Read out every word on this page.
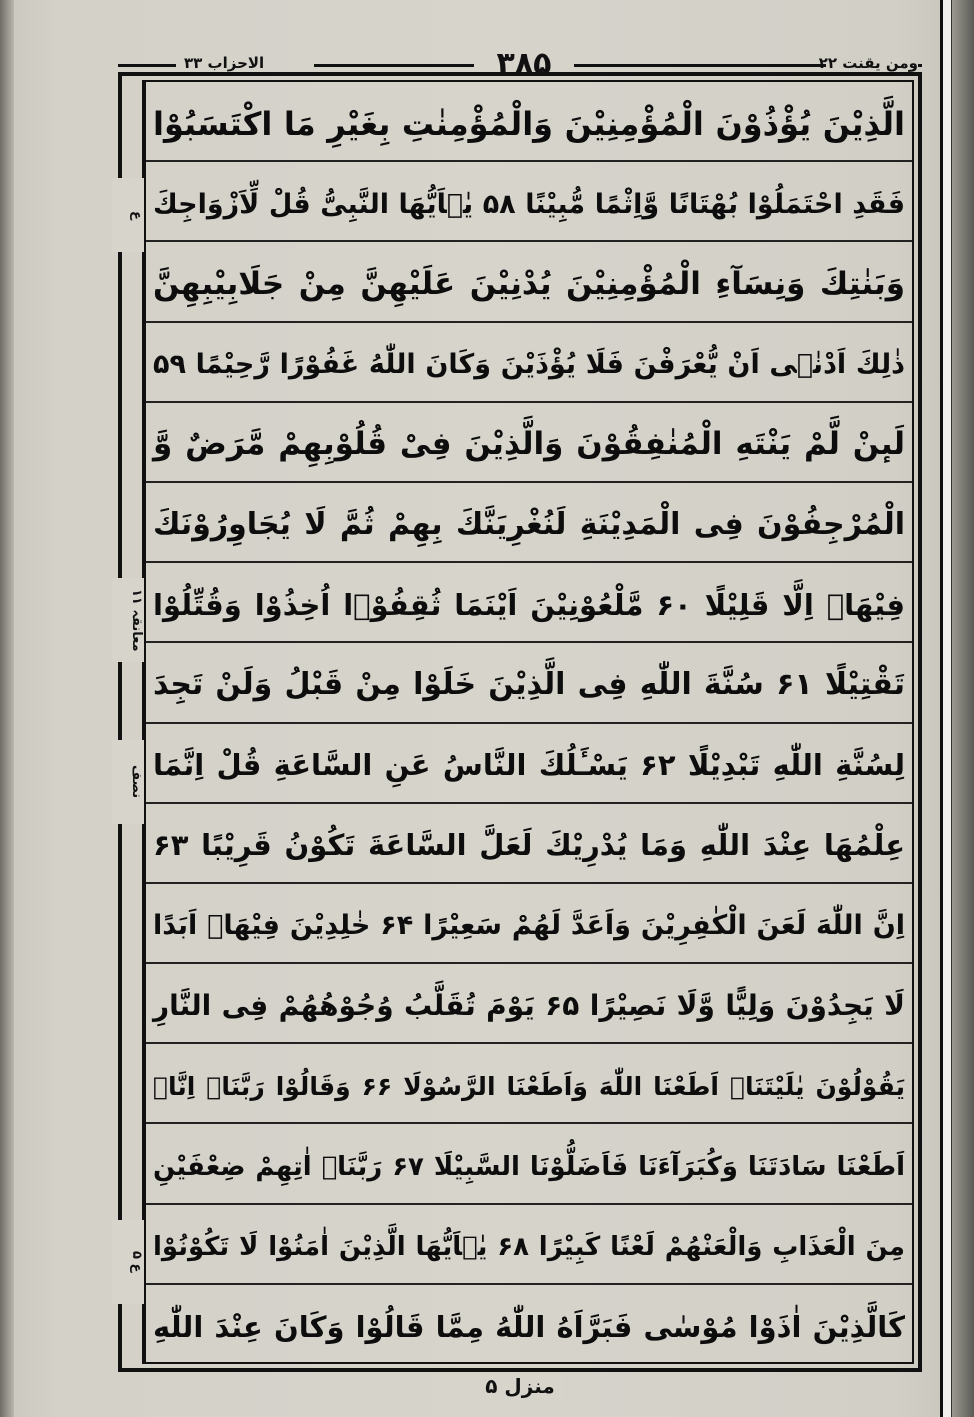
الاحزاب ۳۳	۳۸۵	ومن یقنت ۲۲
ع
معانقہ ۱۱
نصف
ع ۵
الَّذِیْنَ یُؤْذُوْنَ الْمُؤْمِنِیْنَ وَالْمُؤْمِنٰتِ بِغَیْرِ مَا اكْتَسَبُوْا
فَقَدِ احْتَمَلُوْا بُهْتَانًا وَّاِثْمًا مُّبِیْنًا ۵۸ یٰۤاَیُّهَا النَّبِیُّ قُلْ لِّاَزْوَاجِكَ
وَبَنٰتِكَ وَنِسَآءِ الْمُؤْمِنِیْنَ یُدْنِیْنَ عَلَیْهِنَّ مِنْ جَلَابِیْبِهِنَّ
ذٰلِكَ اَدْنٰۤى اَنْ یُّعْرَفْنَ فَلَا یُؤْذَیْنَ وَكَانَ اللّٰهُ غَفُوْرًا رَّحِیْمًا ۵۹
لَىٕنْ لَّمْ یَنْتَهِ الْمُنٰفِقُوْنَ وَالَّذِیْنَ فِیْ قُلُوْبِهِمْ مَّرَضٌ وَّ
الْمُرْجِفُوْنَ فِی الْمَدِیْنَةِ لَنُغْرِیَنَّكَ بِهِمْ ثُمَّ لَا یُجَاوِرُوْنَكَ
فِیْهَاۤ اِلَّا قَلِیْلًا ۶۰ مَّلْعُوْنِیْنَ اَیْنَمَا ثُقِفُوْۤا اُخِذُوْا وَقُتِّلُوْا
تَقْتِیْلًا ۶۱ سُنَّةَ اللّٰهِ فِی الَّذِیْنَ خَلَوْا مِنْ قَبْلُ وَلَنْ تَجِدَ
لِسُنَّةِ اللّٰهِ تَبْدِیْلًا ۶۲ یَسْـَٔلُكَ النَّاسُ عَنِ السَّاعَةِ قُلْ اِنَّمَا
عِلْمُهَا عِنْدَ اللّٰهِ وَمَا یُدْرِیْكَ لَعَلَّ السَّاعَةَ تَكُوْنُ قَرِیْبًا ۶۳
اِنَّ اللّٰهَ لَعَنَ الْكٰفِرِیْنَ وَاَعَدَّ لَهُمْ سَعِیْرًا ۶۴ خٰلِدِیْنَ فِیْهَاۤ اَبَدًا
لَا یَجِدُوْنَ وَلِیًّا وَّلَا نَصِیْرًا ۶۵ یَوْمَ تُقَلَّبُ وُجُوْهُهُمْ فِی النَّارِ
یَقُوْلُوْنَ یٰلَیْتَنَاۤ اَطَعْنَا اللّٰهَ وَاَطَعْنَا الرَّسُوْلَا ۶۶ وَقَالُوْا رَبَّنَاۤ اِنَّاۤ
اَطَعْنَا سَادَتَنَا وَكُبَرَآءَنَا فَاَضَلُّوْنَا السَّبِیْلَا ۶۷ رَبَّنَاۤ اٰتِهِمْ ضِعْفَیْنِ
مِنَ الْعَذَابِ وَالْعَنْهُمْ لَعْنًا كَبِیْرًا ۶۸ یٰۤاَیُّهَا الَّذِیْنَ اٰمَنُوْا لَا تَكُوْنُوْا
كَالَّذِیْنَ اٰذَوْا مُوْسٰى فَبَرَّاَهُ اللّٰهُ مِمَّا قَالُوْا وَكَانَ عِنْدَ اللّٰهِ
منزل ۵
